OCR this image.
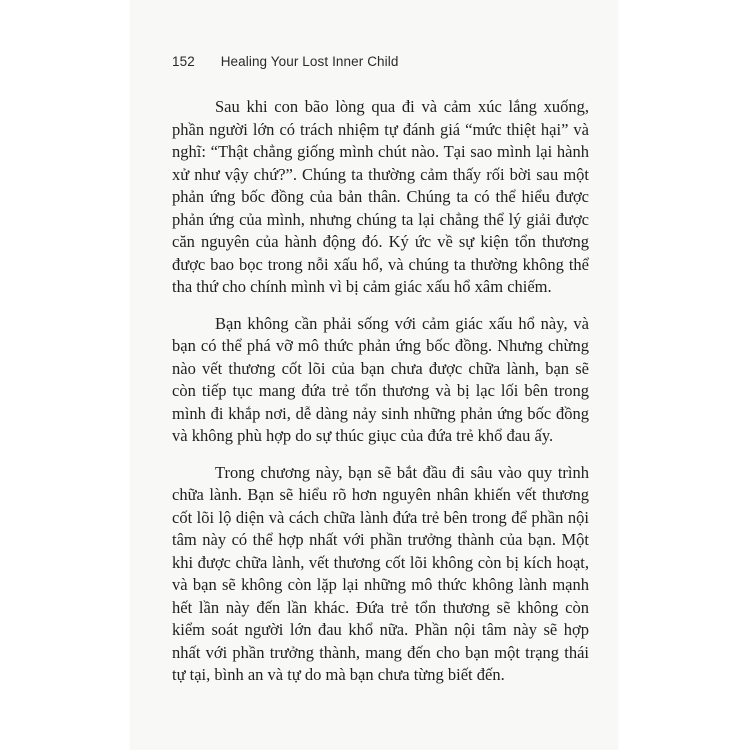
152 Healing Your Lost Inner Child

Sau khi con bão lòng qua đi và cảm xúc lắng xuống, phần người lớn có trách nhiệm tự đánh giá “mức thiệt hại” và nghĩ: “Thật chẳng giống mình chút nào. Tại sao mình lại hành xử như vậy chứ?”. Chúng ta thường cảm thấy rối bời sau một phản ứng bốc đồng của bản thân. Chúng ta có thể hiểu được phản ứng của mình, nhưng chúng ta lại chẳng thể lý giải được căn nguyên của hành động đó. Ký ức về sự kiện tổn thương được bao bọc trong nỗi xấu hổ, và chúng ta thường không thể tha thứ cho chính mình vì bị cảm giác xấu hổ xâm chiếm.

Bạn không cần phải sống với cảm giác xấu hổ này, và bạn có thể phá vỡ mô thức phản ứng bốc đồng. Nhưng chừng nào vết thương cốt lõi của bạn chưa được chữa lành, bạn sẽ còn tiếp tục mang đứa trẻ tổn thương và bị lạc lối bên trong mình đi khắp nơi, dễ dàng nảy sinh những phản ứng bốc đồng và không phù hợp do sự thúc giục của đứa trẻ khổ đau ấy.

Trong chương này, bạn sẽ bắt đầu đi sâu vào quy trình chữa lành. Bạn sẽ hiểu rõ hơn nguyên nhân khiến vết thương cốt lõi lộ diện và cách chữa lành đứa trẻ bên trong để phần nội tâm này có thể hợp nhất với phần trưởng thành của bạn. Một khi được chữa lành, vết thương cốt lõi không còn bị kích hoạt, và bạn sẽ không còn lặp lại những mô thức không lành mạnh hết lần này đến lần khác. Đứa trẻ tổn thương sẽ không còn kiểm soát người lớn đau khổ nữa. Phần nội tâm này sẽ hợp nhất với phần trưởng thành, mang đến cho bạn một trạng thái tự tại, bình an và tự do mà bạn chưa từng biết đến.
